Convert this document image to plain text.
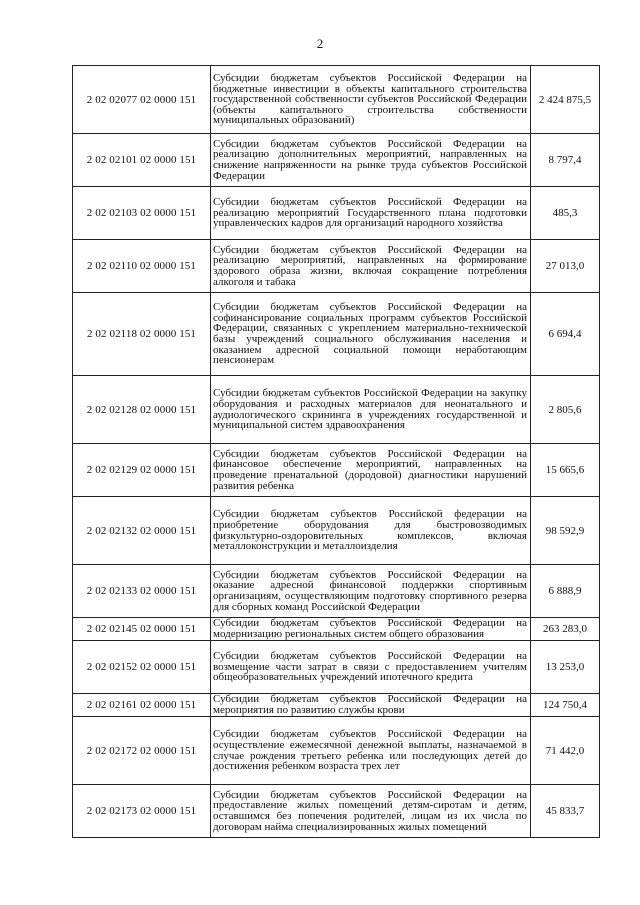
2
2 02 02077 02 0000 151	Субсидии бюджетам субъектов Российской Федерации на бюджетные инвестиции в объекты капитального строительства государственной собственности субъектов Российской Федерации (объекты капитального строительства собственности муниципальных образований)	2 424 875,5
2 02 02101 02 0000 151	Субсидии бюджетам субъектов Российской Федерации на реализацию дополнительных мероприятий, направленных на снижение напряженности на рынке труда субъектов Российской Федерации	8 797,4
2 02 02103 02 0000 151	Субсидии бюджетам субъектов Российской Федерации на реализацию мероприятий Государственного плана подготовки управленческих кадров для организаций народного хозяйства	485,3
2 02 02110 02 0000 151	Субсидии бюджетам субъектов Российской Федерации на реализацию мероприятий, направленных на формирование здорового образа жизни, включая сокращение потребления алкоголя и табака	27 013,0
2 02 02118 02 0000 151	Субсидии бюджетам субъектов Российской Федерации на софинансирование социальных программ субъектов Российской Федерации, связанных с укреплением материально-технической базы учреждений социального обслуживания населения и оказанием адресной социальной помощи неработающим пенсионерам	6 694,4
2 02 02128 02 0000 151	Субсидии бюджетам субъектов Российской Федерации на закупку оборудования и расходных материалов для неонатального и аудиологического скрининга в учреждениях государственной и муниципальной систем здравоохранения	2 805,6
2 02 02129 02 0000 151	Субсидии бюджетам субъектов Российской Федерации на финансовое обеспечение мероприятий, направленных на проведение пренатальной (дородовой) диагностики нарушений развития ребенка	15 665,6
2 02 02132 02 0000 151	Субсидии бюджетам субъектов Российской федерации на приобретение оборудования для быстровозводимых физкультурно-оздоровительных комплексов, включая металлоконструкции и металлоизделия	98 592,9
2 02 02133 02 0000 151	Субсидии бюджетам субъектов Российской Федерации на оказание адресной финансовой поддержки спортивным организациям, осуществляющим подготовку спортивного резерва для сборных команд Российской Федерации	6 888,9
2 02 02145 02 0000 151	Субсидии бюджетам субъектов Российской Федерации на модернизацию региональных систем общего образования	263 283,0
2 02 02152 02 0000 151	Субсидии бюджетам субъектов Российской Федерации на возмещение части затрат в связи с предоставлением учителям общеобразовательных учреждений ипотечного кредита	13 253,0
2 02 02161 02 0000 151	Субсидии бюджетам субъектов Российской Федерации на мероприятия по развитию службы крови	124 750,4
2 02 02172 02 0000 151	Субсидии бюджетам субъектов Российской Федерации на осуществление ежемесячной денежной выплаты, назначаемой в случае рождения третьего ребенка или последующих детей до достижения ребенком возраста трех лет	71 442,0
2 02 02173 02 0000 151	Субсидии бюджетам субъектов Российской Федерации на предоставление жилых помещений детям-сиротам и детям, оставшимся без попечения родителей, лицам из их числа по договорам найма специализированных жилых помещений	45 833,7
